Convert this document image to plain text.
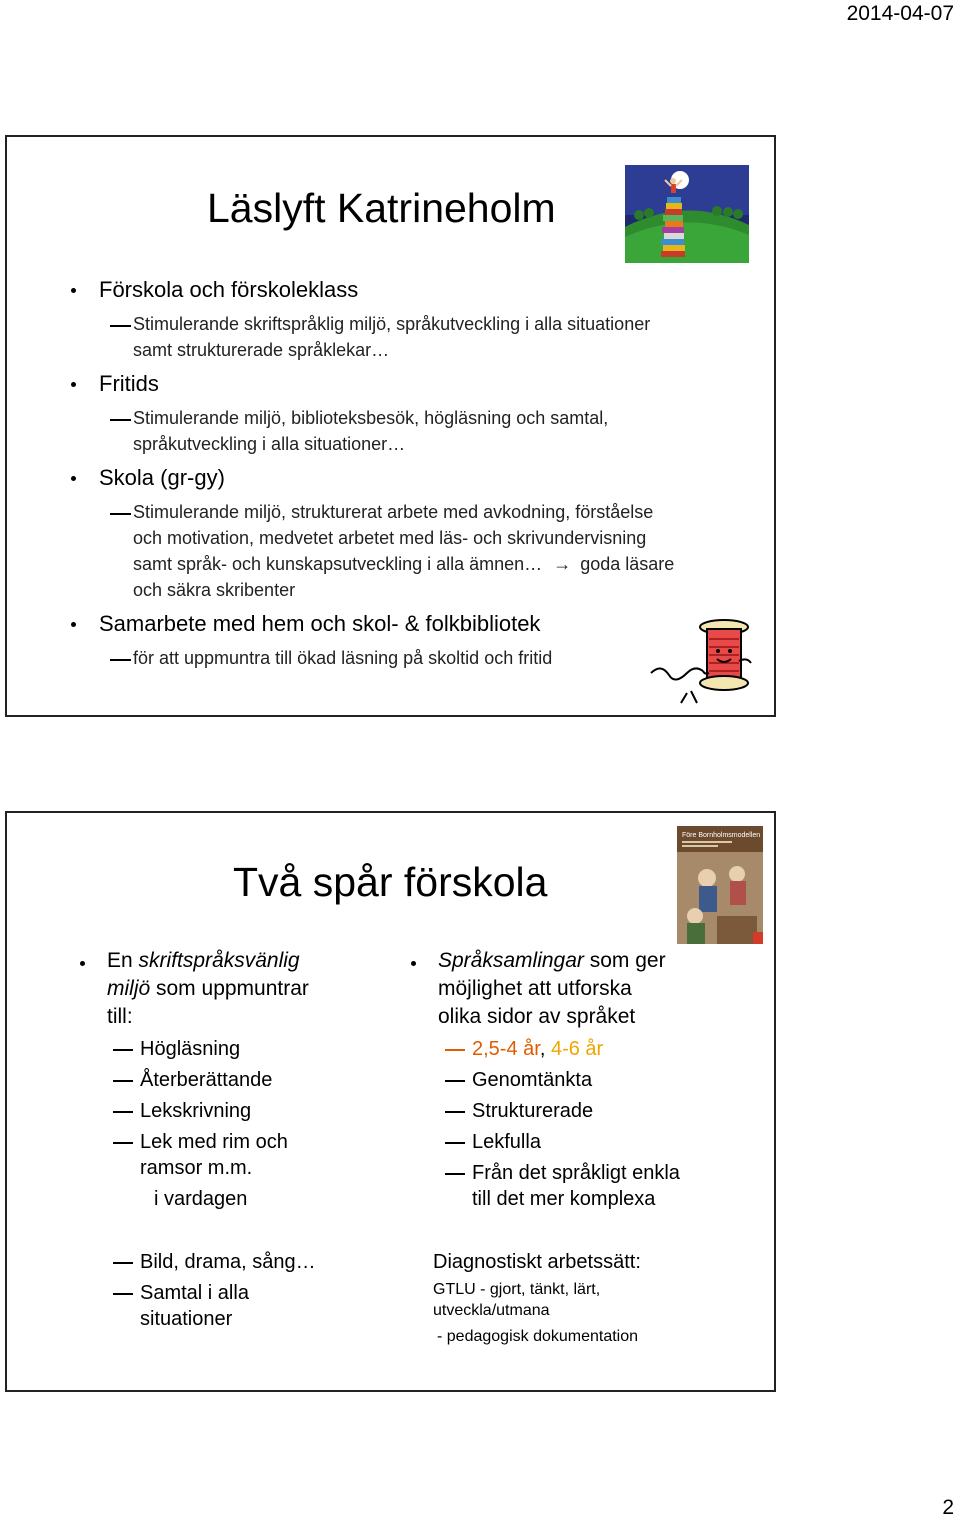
2014-04-07
Läslyft Katrineholm
Förskola och förskoleklass
Stimulerande skriftspråklig miljö, språkutveckling i alla situationer
samt strukturerade språklekar…
Fritids
Stimulerande miljö, biblioteksbesök, högläsning och samtal,
språkutveckling i alla situationer…
Skola (gr-gy)
Stimulerande miljö, strukturerat arbete med avkodning, förståelse
och motivation, medvetet arbetet med läs- och skrivundervisning
samt språk- och kunskapsutveckling i alla ämnen… → goda läsare
och säkra skribenter
Samarbete med hem och skol- & folkbibliotek
för att uppmuntra till ökad läsning på skoltid och fritid
Två spår förskola
Före Bornholmsmodellen
En skriftspråksvänlig
miljö som uppmuntrar
till:
Högläsning
Återberättande
Lekskrivning
Lek med rim och
ramsor m.m.
i vardagen
Bild, drama, sång…
Samtal i alla
situationer
Språksamlingar som ger
möjlighet att utforska
olika sidor av språket
2,5-4 år, 4-6 år
Genomtänkta
Strukturerade
Lekfulla
Från det språkligt enkla
till det mer komplexa
Diagnostiskt arbetssätt:
GTLU - gjort, tänkt, lärt,
utveckla/utmana
- pedagogisk dokumentation
2
